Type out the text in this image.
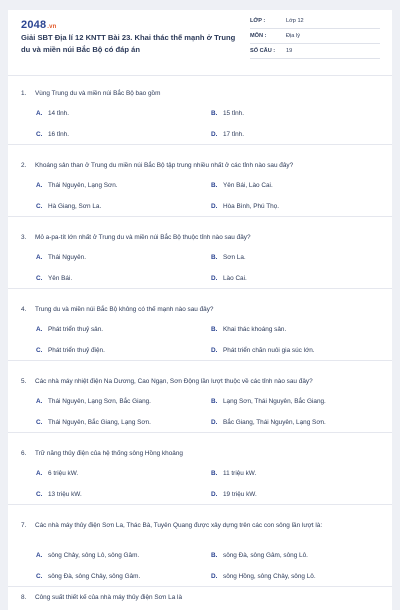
2048.vn
Giải SBT Địa lí 12 KNTT Bài 23. Khai thác thế mạnh ở Trung du và miền núi Bắc Bộ có đáp án
LỚP :	Lớp 12
MÔN :	Địa lý
SỐ CÂU :	19
1. Vùng Trung du và miền núi Bắc Bộ bao gồm
A. 14 tỉnh.	B. 15 tỉnh.
C. 16 tỉnh.	D. 17 tỉnh.
2. Khoáng sản than ở Trung du miền núi Bắc Bộ tập trung nhiều nhất ở các tỉnh nào sau đây?
A. Thái Nguyên, Lạng Sơn.	B. Yên Bái, Lào Cai.
C. Hà Giang, Sơn La.	D. Hòa Bình, Phú Thọ.
3. Mỏ a-pa-tít lớn nhất ở Trung du và miền núi Bắc Bộ thuộc tỉnh nào sau đây?
A. Thái Nguyên.	B. Sơn La.
C. Yên Bái.	D. Lào Cai.
4. Trung du và miền núi Bắc Bộ không có thế mạnh nào sau đây?
A. Phát triển thuỷ sản.	B. Khai thác khoáng sản.
C. Phát triển thuỷ điện.	D. Phát triển chăn nuôi gia súc lớn.
5. Các nhà máy nhiệt điện Na Dương, Cao Ngạn, Sơn Động lần lượt thuộc về các tỉnh nào sau đây?
A. Thái Nguyên, Lạng Sơn, Bắc Giang.	B. Lạng Sơn, Thái Nguyên, Bắc Giang.
C. Thái Nguyên, Bắc Giang, Lạng Sơn.	D. Bắc Giang, Thái Nguyên, Lạng Sơn.
6. Trữ năng thủy điện của hệ thống sông Hồng khoảng
A. 6 triệu kW.	B. 11 triệu kW.
C. 13 triệu kW.	D. 19 triệu kW.
7. Các nhà máy thủy điện Sơn La, Thác Bà, Tuyên Quang được xây dựng trên các con sông lần lượt là:
A. sông Chảy, sông Lô, sông Gâm.	B. sông Đà, sông Gâm, sông Lô.
C. sông Đà, sông Chảy, sông Gâm.	D. sông Hồng, sông Chảy, sông Lô.
8. Công suất thiết kế của nhà máy thủy điện Sơn La là
